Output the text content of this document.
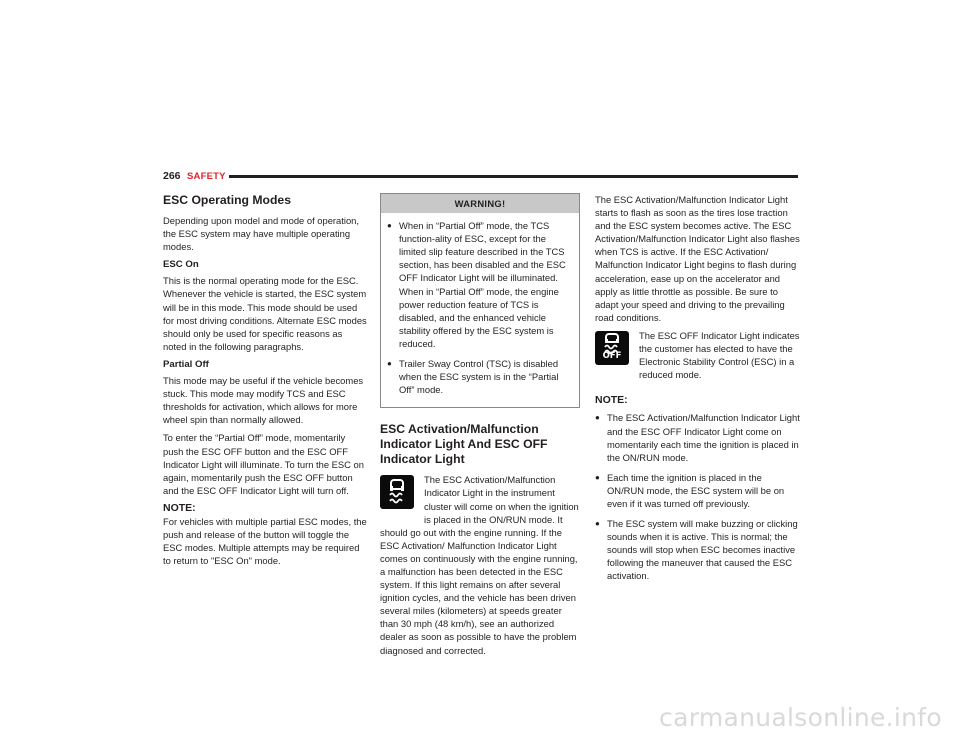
266 SAFETY
ESC Operating Modes

Depending upon model and mode of operation, the ESC system may have multiple operating modes.

ESC On

This is the normal operating mode for the ESC. Whenever the vehicle is started, the ESC system will be in this mode. This mode should be used for most driving conditions. Alternate ESC modes should only be used for specific reasons as noted in the following paragraphs.

Partial Off

This mode may be useful if the vehicle becomes stuck. This mode may modify TCS and ESC thresholds for activation, which allows for more wheel spin than normally allowed.

To enter the “Partial Off” mode, momentarily push the ESC OFF button and the ESC OFF Indicator Light will illuminate. To turn the ESC on again, momentarily push the ESC OFF button and the ESC OFF Indicator Light will turn off.

NOTE:

For vehicles with multiple partial ESC modes, the push and release of the button will toggle the ESC modes. Multiple attempts may be required to return to "ESC On" mode.

WARNING!
● When in “Partial Off” mode, the TCS function-ality of ESC, except for the limited slip feature described in the TCS section, has been disabled and the ESC OFF Indicator Light will be illuminated. When in “Partial Off” mode, the engine power reduction feature of TCS is disabled, and the enhanced vehicle stability offered by the ESC system is reduced.
● Trailer Sway Control (TSC) is disabled when the ESC system is in the “Partial Off” mode.
ESC Activation/Malfunction Indicator Light And ESC OFF Indicator Light

The ESC Activation/Malfunction Indicator Light in the instrument cluster will come on when the ignition is placed in the ON/RUN mode. It should go out with the engine running. If the ESC Activation/ Malfunction Indicator Light comes on continuously with the engine running, a malfunction has been detected in the ESC system. If this light remains on after several ignition cycles, and the vehicle has been driven several miles (kilometers) at speeds greater than 30 mph (48 km/h), see an authorized dealer as soon as possible to have the problem diagnosed and corrected.

The ESC Activation/Malfunction Indicator Light starts to flash as soon as the tires lose traction and the ESC system becomes active. The ESC Activation/Malfunction Indicator Light also flashes when TCS is active. If the ESC Activation/ Malfunction Indicator Light begins to flash during acceleration, ease up on the accelerator and apply as little throttle as possible. Be sure to adapt your speed and driving to the prevailing road conditions.

OFF

The ESC OFF Indicator Light indicates the customer has elected to have the Electronic Stability Control (ESC) in a reduced mode.

NOTE:
● The ESC Activation/Malfunction Indicator Light and the ESC OFF Indicator Light come on momentarily each time the ignition is placed in the ON/RUN mode.
● Each time the ignition is placed in the ON/RUN mode, the ESC system will be on even if it was turned off previously.
● The ESC system will make buzzing or clicking sounds when it is active. This is normal; the sounds will stop when ESC becomes inactive following the maneuver that caused the ESC activation.
carmanualsonline.info
